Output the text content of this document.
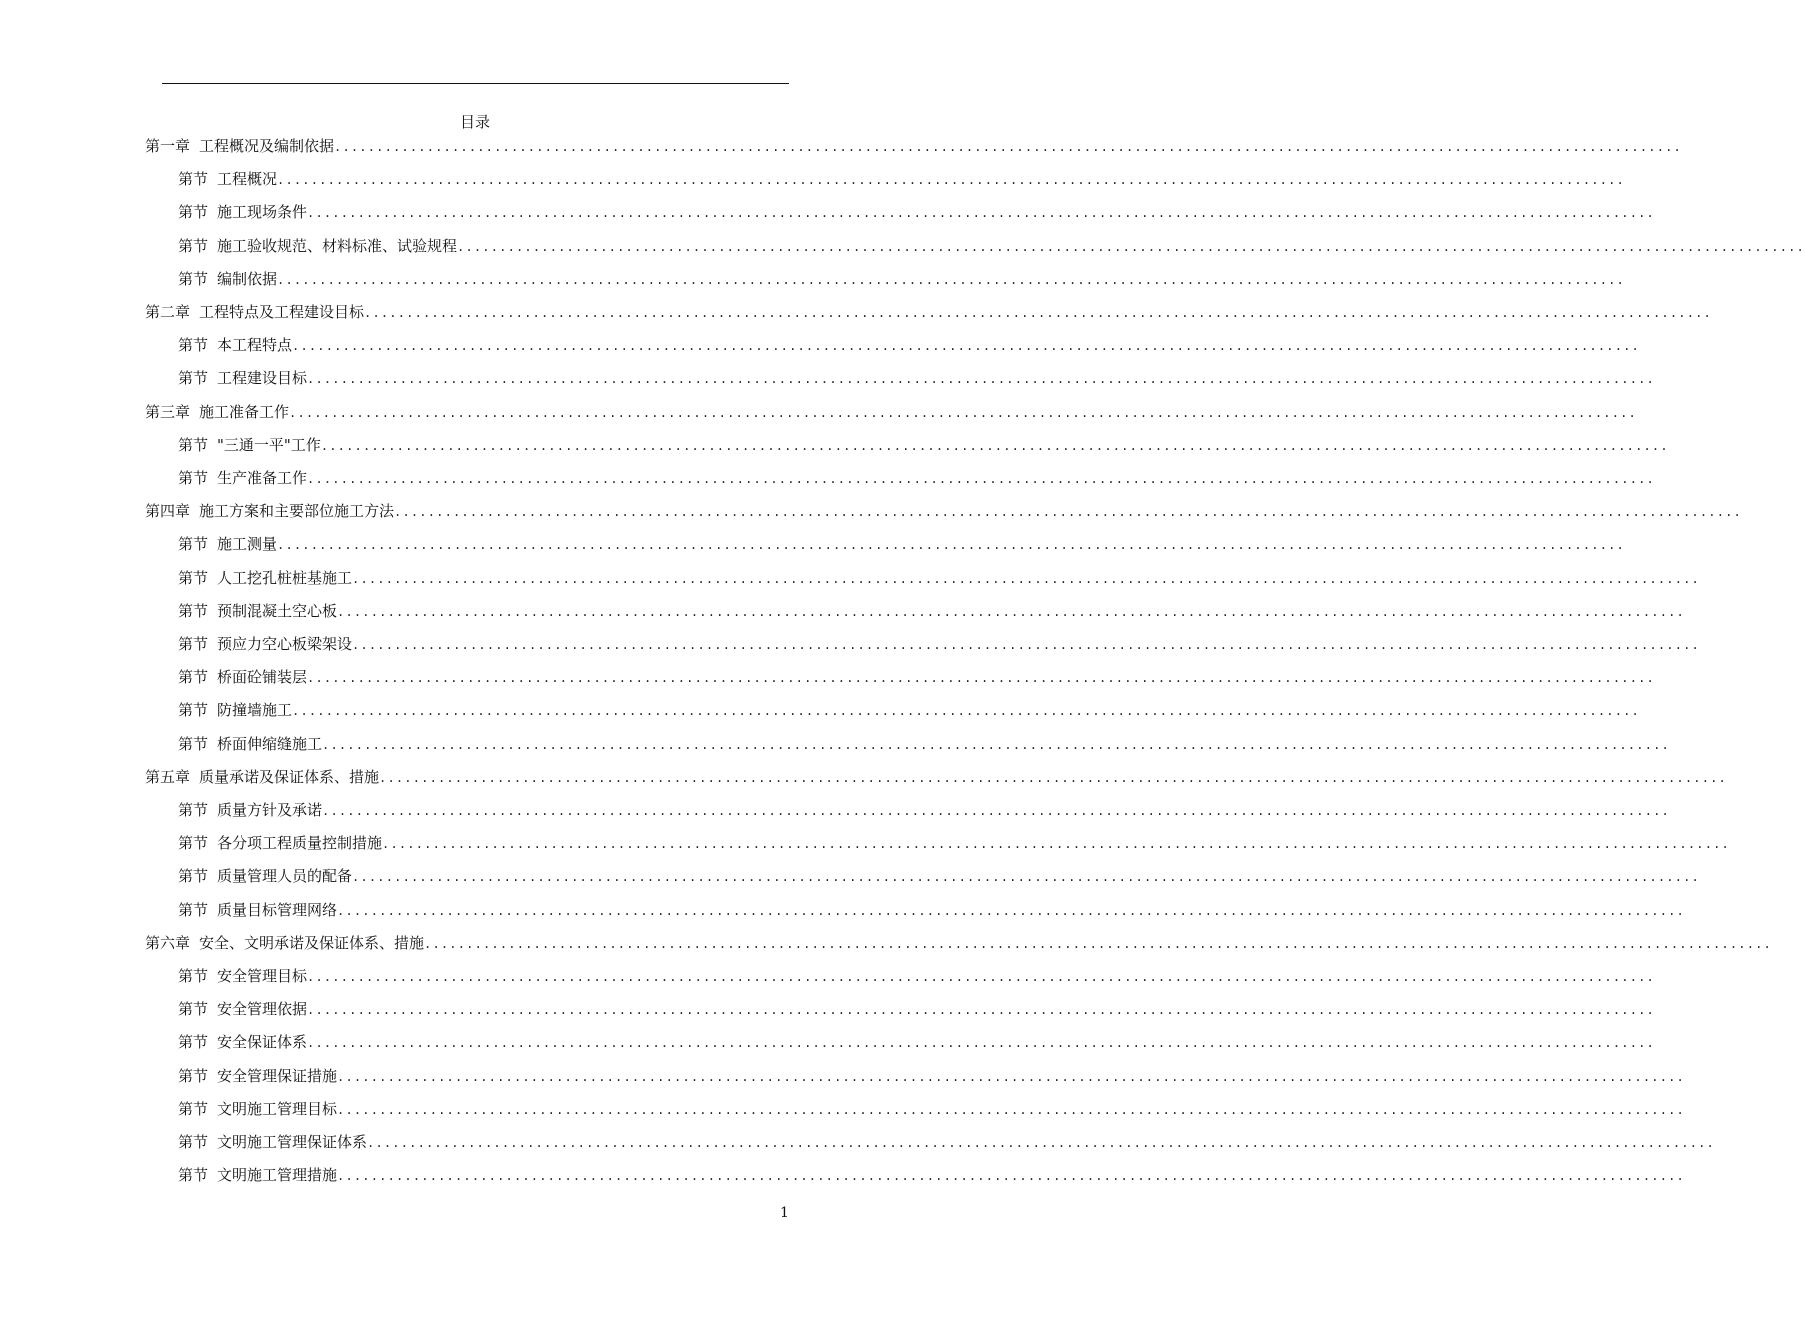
目录
第一章 工程概况及编制依据 ................................................................................................................................................................
第节 工程概况 ................................................................................................................................................................
第节 施工现场条件 ................................................................................................................................................................
第节 施工验收规范、材料标准、试验规程 ................................................................................................................................................................
第节 编制依据 ................................................................................................................................................................
第二章 工程特点及工程建设目标 ................................................................................................................................................................
第节 本工程特点 ................................................................................................................................................................
第节 工程建设目标 ................................................................................................................................................................
第三章 施工准备工作 ................................................................................................................................................................
第节 "三通一平"工作 ................................................................................................................................................................
第节 生产准备工作 ................................................................................................................................................................
第四章 施工方案和主要部位施工方法 ................................................................................................................................................................
第节 施工测量 ................................................................................................................................................................
第节 人工挖孔桩桩基施工 ................................................................................................................................................................
第节 预制混凝土空心板 ................................................................................................................................................................
第节 预应力空心板梁架设 ................................................................................................................................................................
第节 桥面砼铺装层 ................................................................................................................................................................
第节 防撞墙施工 ................................................................................................................................................................
第节 桥面伸缩缝施工 ................................................................................................................................................................
第五章 质量承诺及保证体系、措施 ................................................................................................................................................................
第节 质量方针及承诺 ................................................................................................................................................................
第节 各分项工程质量控制措施 ................................................................................................................................................................
第节 质量管理人员的配备 ................................................................................................................................................................
第节 质量目标管理网络 ................................................................................................................................................................
第六章 安全、文明承诺及保证体系、措施 ................................................................................................................................................................
第节 安全管理目标 ................................................................................................................................................................
第节 安全管理依据 ................................................................................................................................................................
第节 安全保证体系 ................................................................................................................................................................
第节 安全管理保证措施 ................................................................................................................................................................
第节 文明施工管理目标 ................................................................................................................................................................
第节 文明施工管理保证体系 ................................................................................................................................................................
第节 文明施工管理措施 ................................................................................................................................................................
1
